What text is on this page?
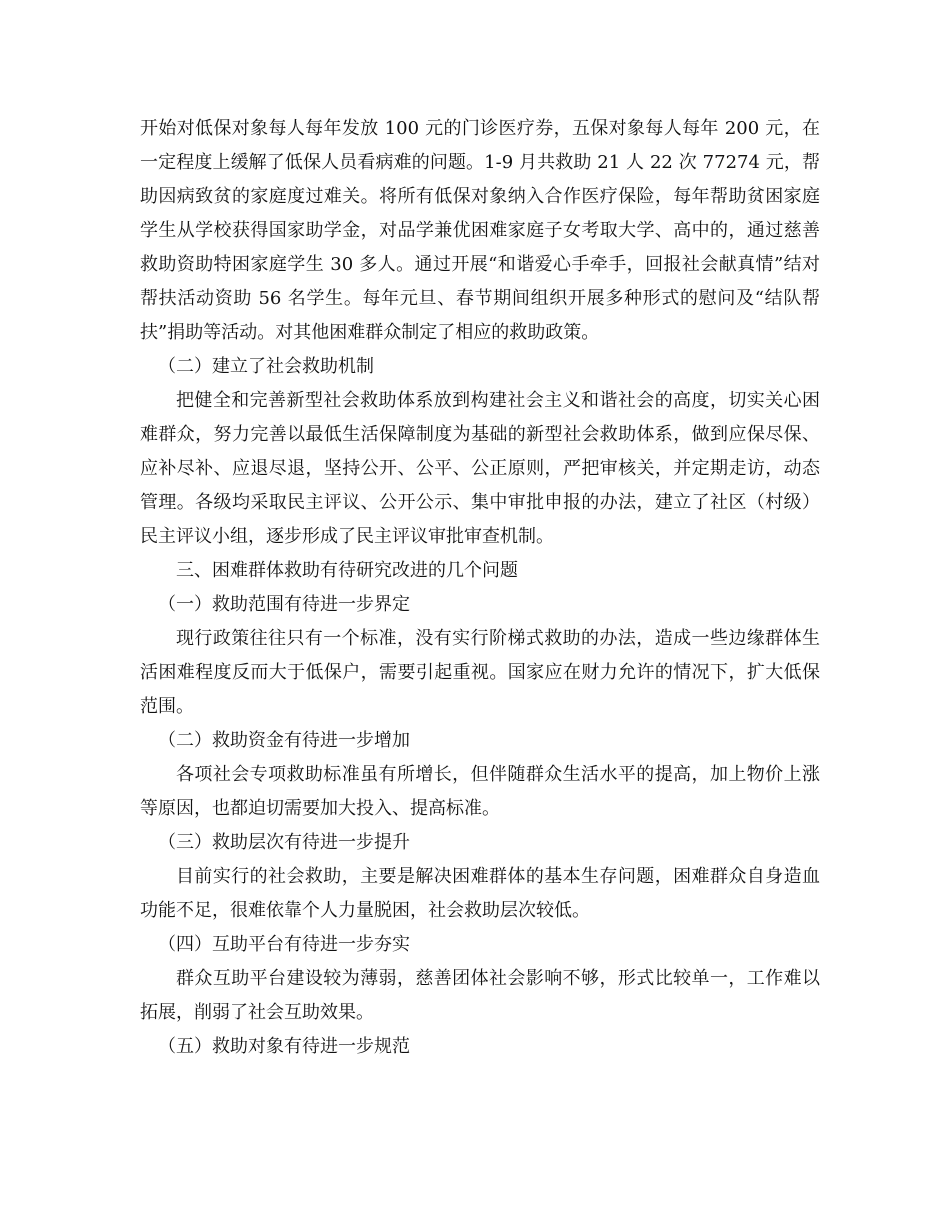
开始对低保对象每人每年发放 100 元的门诊医疗券，五保对象每人每年 200 元，在一定程度上缓解了低保人员看病难的问题。1-9 月共救助 21 人 22 次 77274 元，帮助因病致贫的家庭度过难关。将所有低保对象纳入合作医疗保险，每年帮助贫困家庭学生从学校获得国家助学金，对品学兼优困难家庭子女考取大学、高中的，通过慈善救助资助特困家庭学生 30 多人。通过开展“和谐爱心手牵手，回报社会献真情”结对帮扶活动资助 56 名学生。每年元旦、春节期间组织开展多种形式的慰问及“结队帮扶”捐助等活动。对其他困难群众制定了相应的救助政策。

（二）建立了社会救助机制

把健全和完善新型社会救助体系放到构建社会主义和谐社会的高度，切实关心困难群众，努力完善以最低生活保障制度为基础的新型社会救助体系，做到应保尽保、应补尽补、应退尽退，坚持公开、公平、公正原则，严把审核关，并定期走访，动态管理。各级均采取民主评议、公开公示、集中审批申报的办法，建立了社区（村级）民主评议小组，逐步形成了民主评议审批审查机制。

三、困难群体救助有待研究改进的几个问题

（一）救助范围有待进一步界定

现行政策往往只有一个标准，没有实行阶梯式救助的办法，造成一些边缘群体生活困难程度反而大于低保户，需要引起重视。国家应在财力允许的情况下，扩大低保范围。

（二）救助资金有待进一步增加

各项社会专项救助标准虽有所增长，但伴随群众生活水平的提高，加上物价上涨等原因，也都迫切需要加大投入、提高标准。

（三）救助层次有待进一步提升

目前实行的社会救助，主要是解决困难群体的基本生存问题，困难群众自身造血功能不足，很难依靠个人力量脱困，社会救助层次较低。

（四）互助平台有待进一步夯实

群众互助平台建设较为薄弱，慈善团体社会影响不够，形式比较单一，工作难以拓展，削弱了社会互助效果。

（五）救助对象有待进一步规范
